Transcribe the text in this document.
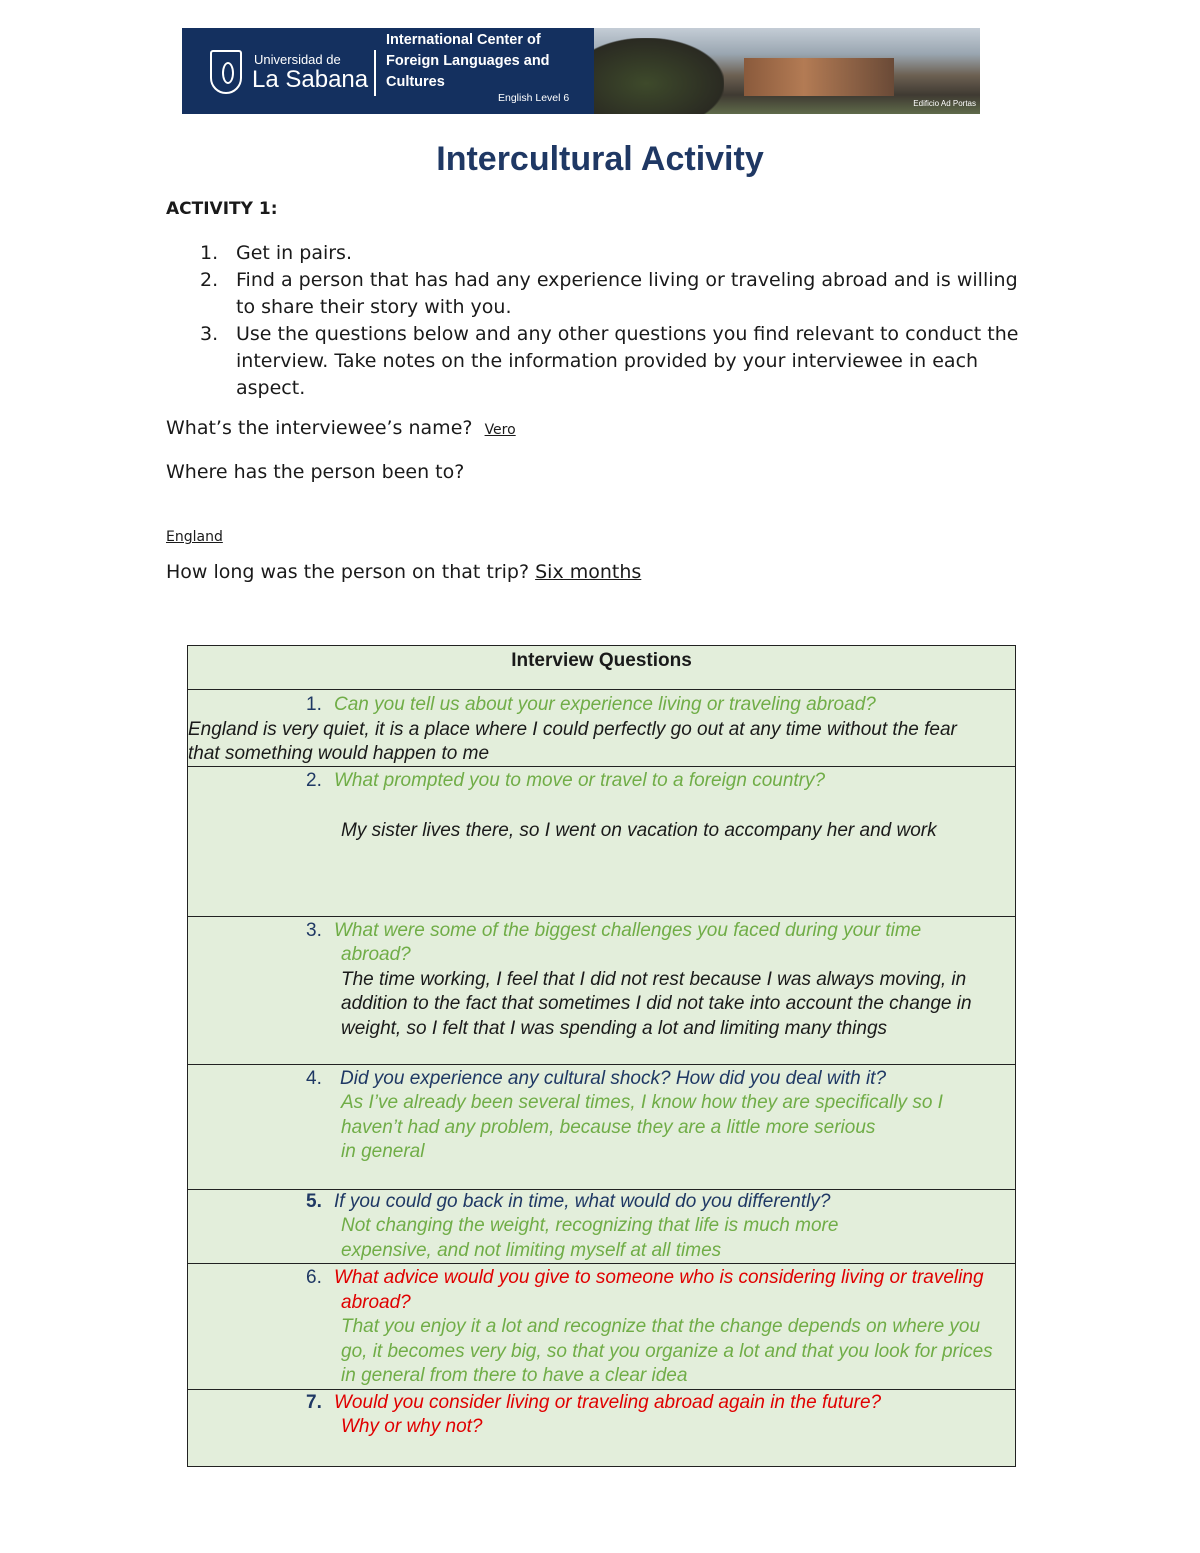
Universidad de
La Sabana
International Center of
Foreign Languages and
Cultures
English Level 6	Edificio Ad Portas
Intercultural Activity
ACTIVITY 1:
1. Get in pairs.
2. Find a person that has had any experience living or traveling abroad and is willing to share their story with you.
3. Use the questions below and any other questions you find relevant to conduct the interview. Take notes on the information provided by your interviewee in each aspect.
What’s the interviewee’s name? Vero
Where has the person been to?
England
How long was the person on that trip? Six months
Interview Questions

1. Can you tell us about your experience living or traveling abroad?
England is very quiet, it is a place where I could perfectly go out at any time without the fear that something would happen to me

2. What prompted you to move or travel to a foreign country?
My sister lives there, so I went on vacation to accompany her and work

3. What were some of the biggest challenges you faced during your time abroad?
The time working, I feel that I did not rest because I was always moving, in addition to the fact that sometimes I did not take into account the change in weight, so I felt that I was spending a lot and limiting many things

4. Did you experience any cultural shock? How did you deal with it?
As I’ve already been several times, I know how they are specifically so I haven’t had any problem, because they are a little more serious
in general

5. If you could go back in time, what would do you differently?
Not changing the weight, recognizing that life is much more expensive, and not limiting myself at all times

6. What advice would you give to someone who is considering living or traveling abroad?
That you enjoy it a lot and recognize that the change depends on where you go, it becomes very big, so that you organize a lot and that you look for prices in general from there to have a clear idea

7. Would you consider living or traveling abroad again in the future?
Why or why not?
